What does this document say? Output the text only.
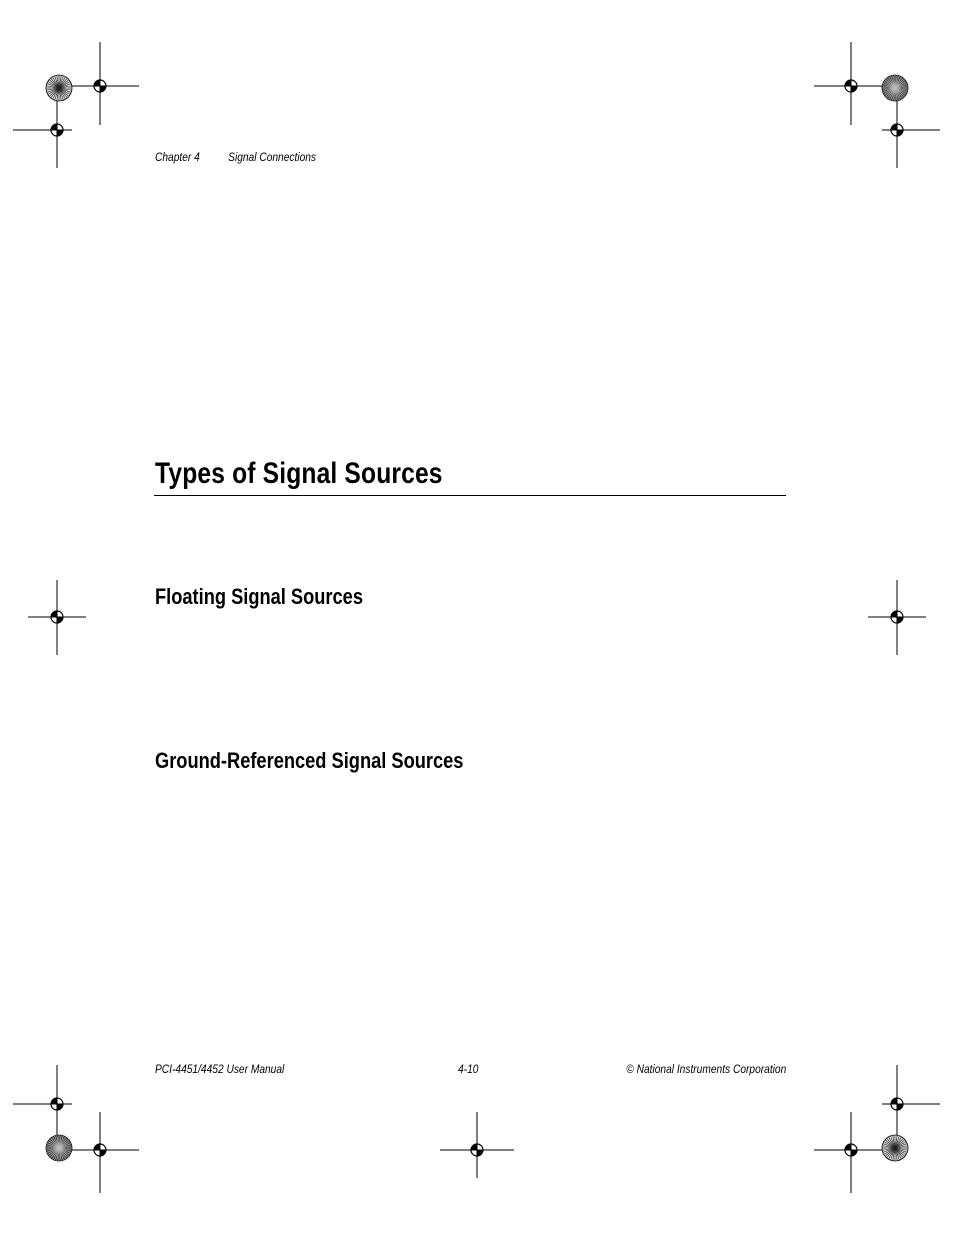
Chapter 4 Signal Connections
Types of Signal Sources
Floating Signal Sources
Ground-Referenced Signal Sources
PCI-4451/4452 User Manual	4-10	© National Instruments Corporation
